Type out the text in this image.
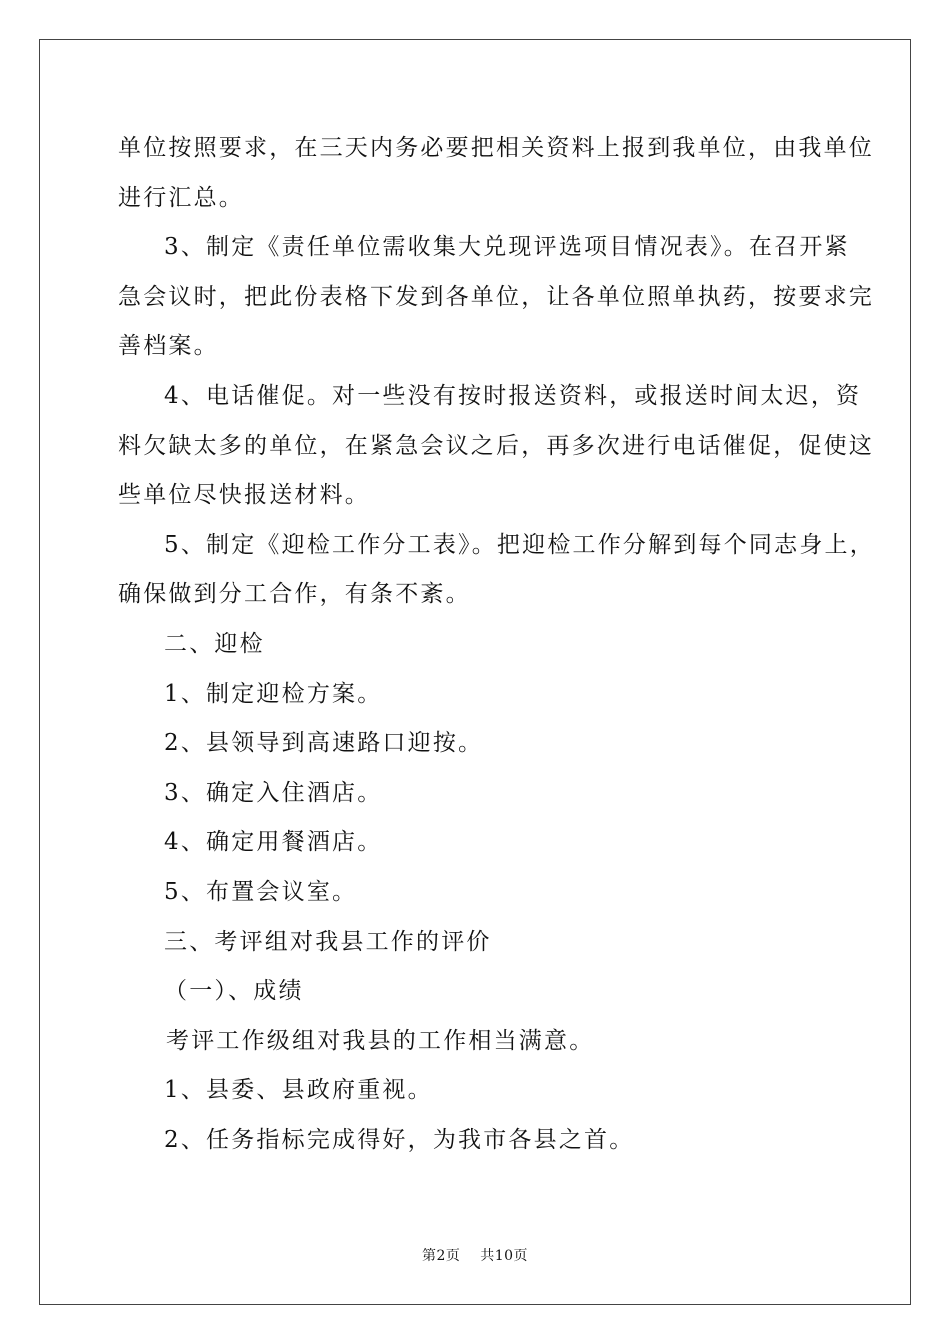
单位按照要求，在三天内务必要把相关资料上报到我单位，由我单位
进行汇总。
3、制定《责任单位需收集大兑现评选项目情况表》。在召开紧
急会议时，把此份表格下发到各单位，让各单位照单执药，按要求完
善档案。
4、电话催促。对一些没有按时报送资料，或报送时间太迟，资
料欠缺太多的单位，在紧急会议之后，再多次进行电话催促，促使这
些单位尽快报送材料。
5、制定《迎检工作分工表》。把迎检工作分解到每个同志身上，
确保做到分工合作，有条不紊。
二、迎检
1、制定迎检方案。
2、县领导到高速路口迎按。
3、确定入住酒店。
4、确定用餐酒店。
5、布置会议室。
三、考评组对我县工作的评价
（一）、成绩
考评工作级组对我县的工作相当满意。
1、县委、县政府重视。
2、任务指标完成得好，为我市各县之首。
第2页 共10页
